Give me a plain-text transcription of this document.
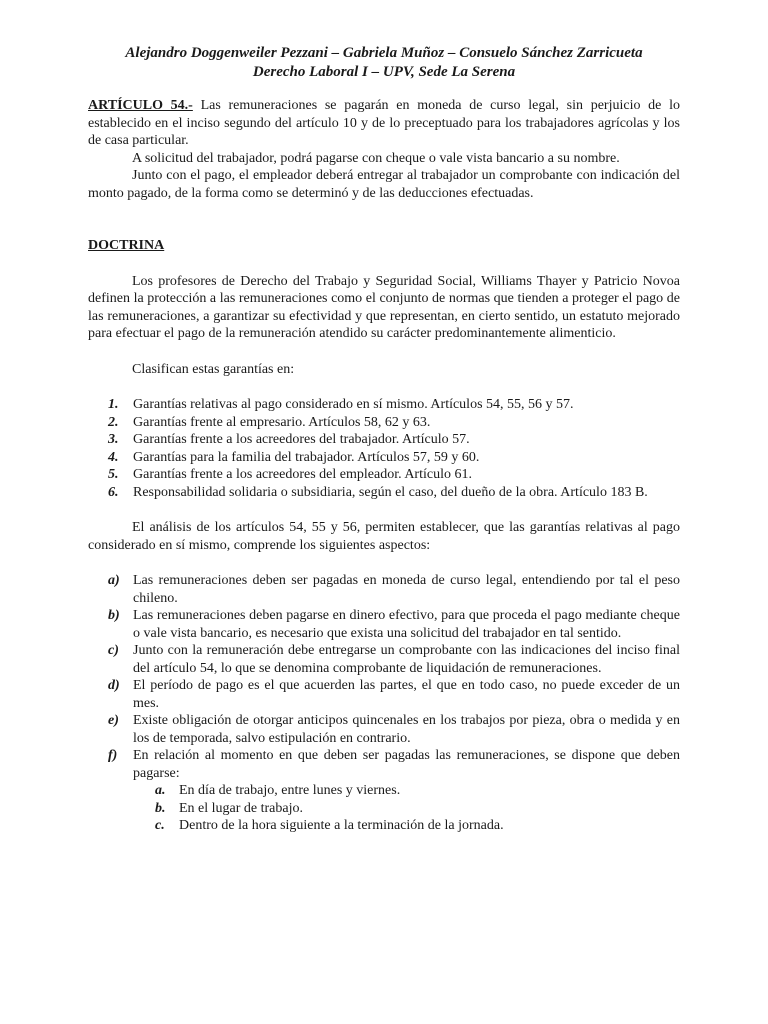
Alejandro Doggenweiler Pezzani – Gabriela Muñoz – Consuelo Sánchez Zarricueta
Derecho Laboral I – UPV, Sede La Serena

ARTÍCULO 54.- Las remuneraciones se pagarán en moneda de curso legal, sin perjuicio de lo establecido en el inciso segundo del artículo 10 y de lo preceptuado para los trabajadores agrícolas y los de casa particular.

A solicitud del trabajador, podrá pagarse con cheque o vale vista bancario a su nombre.

Junto con el pago, el empleador deberá entregar al trabajador un comprobante con indicación del monto pagado, de la forma como se determinó y de las deducciones efectuadas.

DOCTRINA

Los profesores de Derecho del Trabajo y Seguridad Social, Williams Thayer y Patricio Novoa definen la protección a las remuneraciones como el conjunto de normas que tienden a proteger el pago de las remuneraciones, a garantizar su efectividad y que representan, en cierto sentido, un estatuto mejorado para efectuar el pago de la remuneración atendido su carácter predominantemente alimenticio.

Clasifican estas garantías en:

1.	Garantías relativas al pago considerado en sí mismo. Artículos 54, 55, 56 y 57.
2.	Garantías frente al empresario. Artículos 58, 62 y 63.
3.	Garantías frente a los acreedores del trabajador. Artículo 57.
4.	Garantías para la familia del trabajador. Artículos 57, 59 y 60.
5.	Garantías frente a los acreedores del empleador. Artículo 61.
6.	Responsabilidad solidaria o subsidiaria, según el caso, del dueño de la obra. Artículo 183 B.

El análisis de los artículos 54, 55 y 56, permiten establecer, que las garantías relativas al pago considerado en sí mismo, comprende los siguientes aspectos:

a) Las remuneraciones deben ser pagadas en moneda de curso legal, entendiendo por tal el peso chileno.
b) Las remuneraciones deben pagarse en dinero efectivo, para que proceda el pago mediante cheque o vale vista bancario, es necesario que exista una solicitud del trabajador en tal sentido.
c)	Junto con la remuneración debe entregarse un comprobante con las indicaciones del inciso final del artículo 54, lo que se denomina comprobante de liquidación de remuneraciones.
d) El período de pago es el que acuerden las partes, el que en todo caso, no puede exceder de un mes.
e)	Existe obligación de otorgar anticipos quincenales en los trabajos por pieza, obra o medida y en los de temporada, salvo estipulación en contrario.
f)	En relación al momento en que deben ser pagadas las remuneraciones, se dispone que deben pagarse:
a. En día de trabajo, entre lunes y viernes.
b. En el lugar de trabajo.
c.	Dentro de la hora siguiente a la terminación de la jornada.
